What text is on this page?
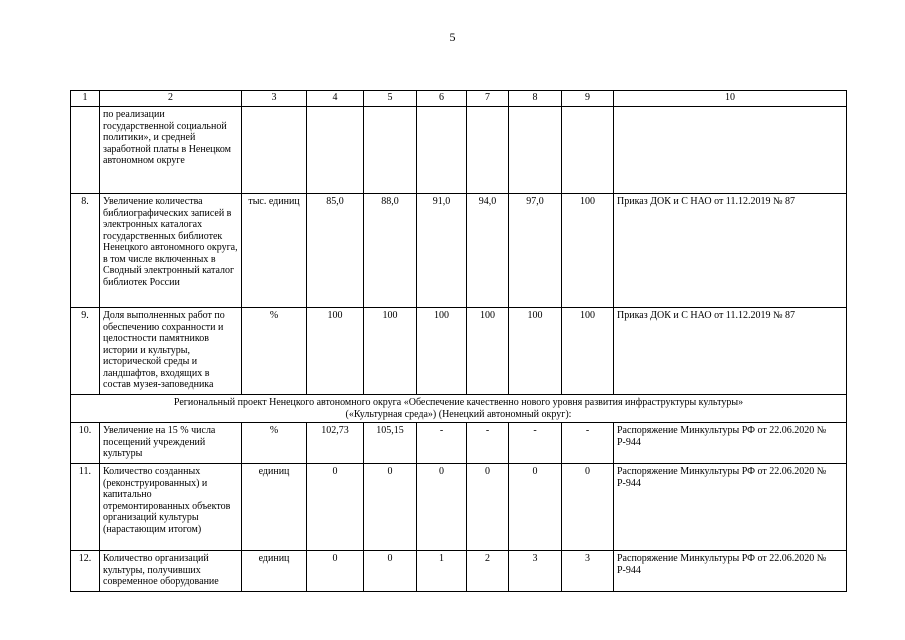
5
1	2	3	4	5	6	7	8	9	10
	по реализации государственной социальной политики», и средней заработной платы в Ненецком автономном округе								
8.	Увеличение количества библиографических записей в электронных каталогах государственных библиотек Ненецкого автономного округа, в том числе включенных в Сводный электронный каталог библиотек России	тыс. единиц	85,0	88,0	91,0	94,0	97,0	100	Приказ ДОК и С НАО от 11.12.2019 № 87
9.	Доля выполненных работ по обеспечению сохранности и целостности памятников истории и культуры, исторической среды и ландшафтов, входящих в состав музея-заповедника	%	100	100	100	100	100	100	Приказ ДОК и С НАО от 11.12.2019 № 87

Региональный проект Ненецкого автономного округа «Обеспечение качественно нового уровня развития инфраструктуры культуры»
(«Культурная среда») (Ненецкий автономный округ):									

10.	Увеличение на 15 % числа посещений учреждений культуры	%	102,73	105,15	-	-	-	-	Распоряжение Минкультуры РФ от 22.06.2020 № Р-944
11.	Количество созданных (реконструированных) и капитально отремонтированных объектов организаций культуры (нарастающим итогом)	единиц	0	0	0	0	0	0	Распоряжение Минкультуры РФ от 22.06.2020 № Р-944
12.	Количество организаций культуры, получивших современное оборудование	единиц	0	0	1	2	3	3	Распоряжение Минкультуры РФ от 22.06.2020 № Р-944
